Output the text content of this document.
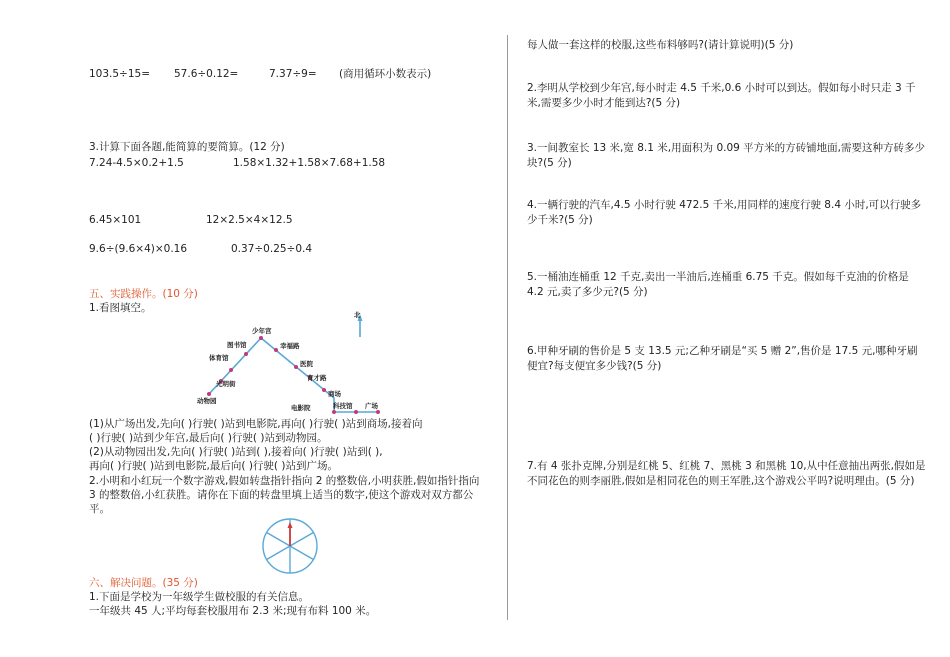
103.5÷15= 57.6÷0.12=	7.37÷9= (商用循环小数表示)
3.计算下面各题,能简算的要简算。(12 分)
7.24-4.5×0.2+1.5	1.58×1.32+1.58×7.68+1.58
6.45×101	12×2.5×4×12.5
9.6÷(9.6×4)×0.16	0.37÷0.25÷0.4
五、实践操作。(10 分)
1.看图填空。
北
少年宫
图书馆	幸福路
体育馆
医院
光明街
育才路
商场
动物园
电影院	科技馆 广场
(1)从广场出发,先向( )行驶( )站到电影院,再向( )行驶( )站到商场,接着向
( )行驶( )站到少年宫,最后向( )行驶( )站到动物园。
(2)从动物园出发,先向( )行驶( )站到( ),接着向( )行驶( )站到( ),
再向( )行驶( )站到电影院,最后向( )行驶( )站到广场。
2.小明和小红玩一个数字游戏,假如转盘指针指向 2 的整数倍,小明获胜,假如指针指向
3 的整数倍,小红获胜。请你在下面的转盘里填上适当的数字,使这个游戏对双方都公
平。
六、解决问题。(35 分)
1.下面是学校为一年级学生做校服的有关信息。
一年级共 45 人;平均每套校服用布 2.3 米;现有布料 100 米。
每人做一套这样的校服,这些布料够吗?(请计算说明)(5 分)
2.李明从学校到少年宫,每小时走 4.5 千米,0.6 小时可以到达。假如每小时只走 3 千
米,需要多少小时才能到达?(5 分)
3.一间教室长 13 米,宽 8.1 米,用面积为 0.09 平方米的方砖铺地面,需要这种方砖多少
块?(5 分)
4.一辆行驶的汽车,4.5 小时行驶 472.5 千米,用同样的速度行驶 8.4 小时,可以行驶多
少千米?(5 分)
5.一桶油连桶重 12 千克,卖出一半油后,连桶重 6.75 千克。假如每千克油的价格是
4.2 元,卖了多少元?(5 分)
6.甲种牙刷的售价是 5 支 13.5 元;乙种牙刷是“买 5 赠 2”,售价是 17.5 元,哪种牙刷
便宜?每支便宜多少钱?(5 分)
7.有 4 张扑克牌,分别是红桃 5、红桃 7、黑桃 3 和黑桃 10,从中任意抽出两张,假如是
不同花色的则李丽胜,假如是相同花色的则王军胜,这个游戏公平吗?说明理由。(5 分)
